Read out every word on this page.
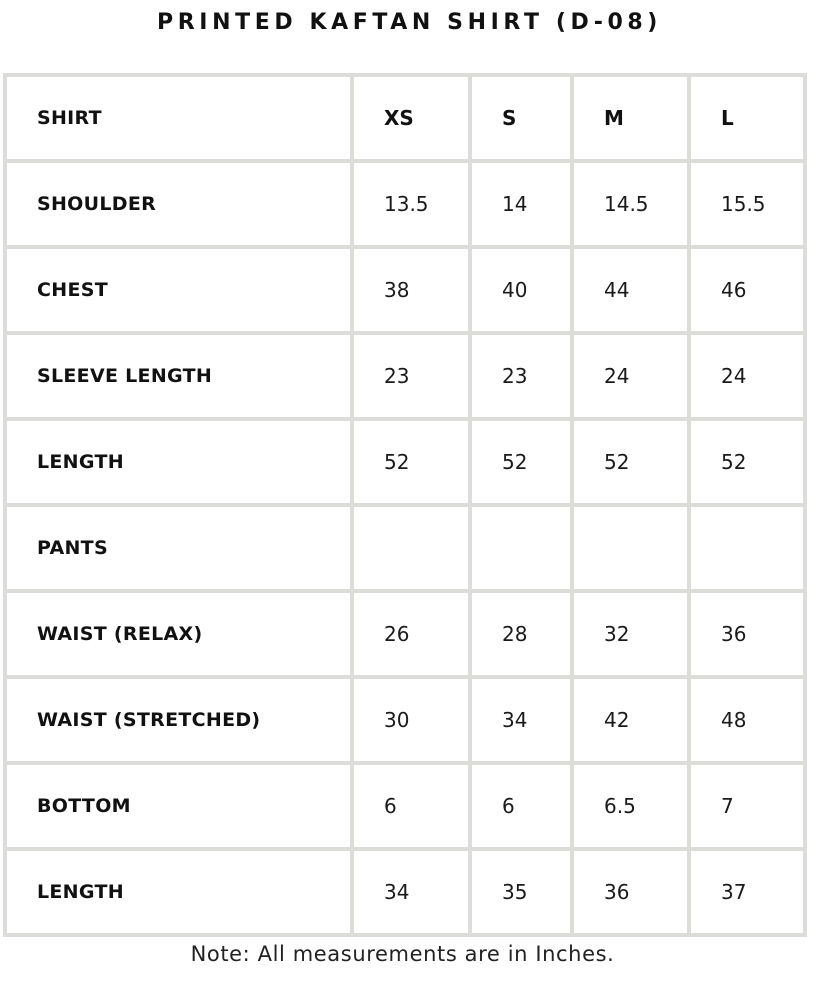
PRINTED KAFTAN SHIRT (D-08)
SHIRT	XS	S	M	L
SHOULDER	13.5	14	14.5	15.5
CHEST	38	40	44	46
SLEEVE LENGTH	23	23	24	24
LENGTH	52	52	52	52
PANTS				
WAIST (RELAX)	26	28	32	36
WAIST (STRETCHED)	30	34	42	48
BOTTOM	6	6	6.5	7
LENGTH	34	35	36	37
Note: All measurements are in Inches.
